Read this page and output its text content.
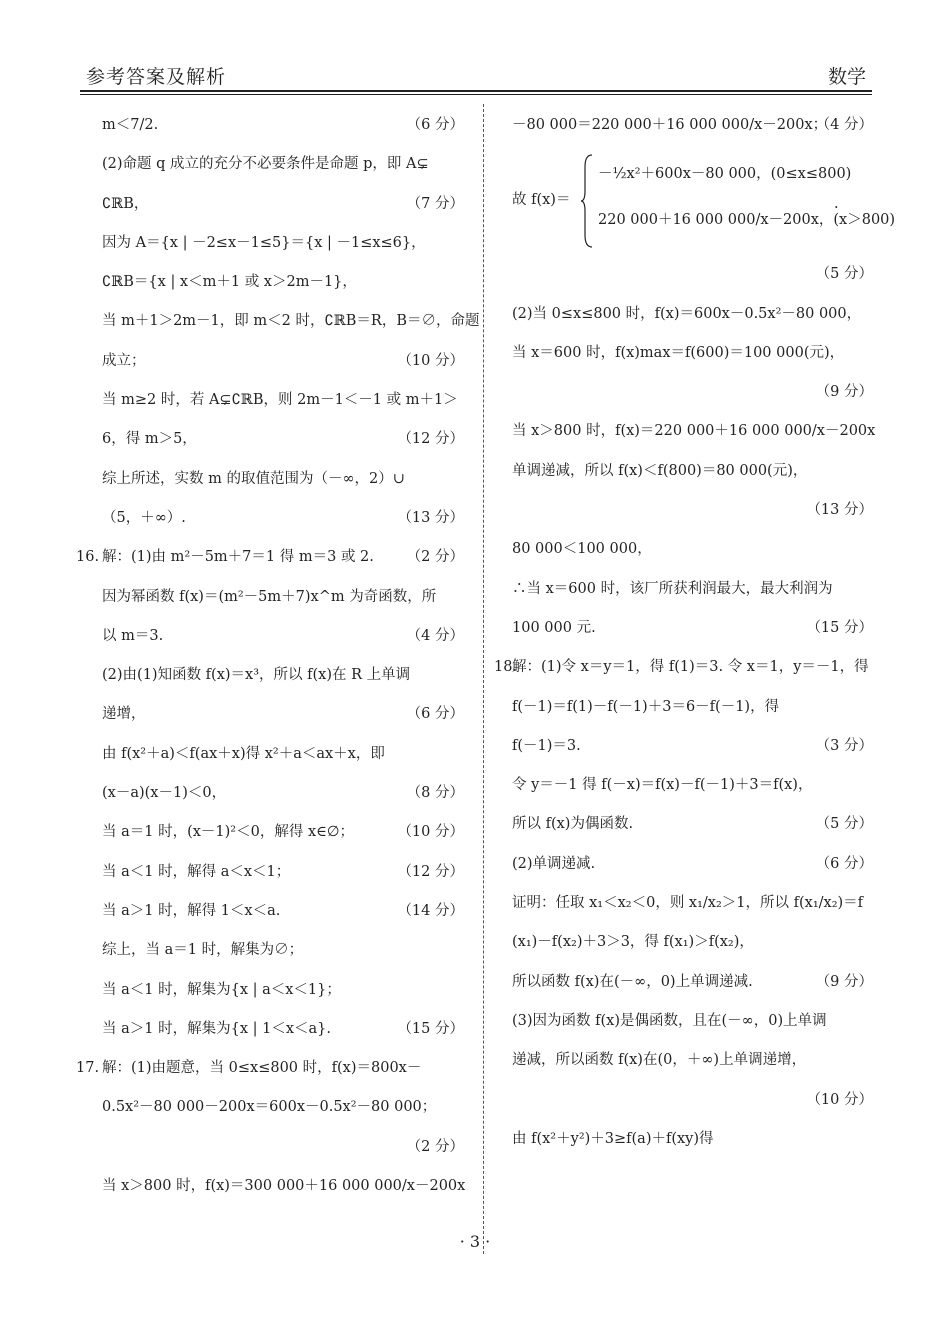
参考答案及解析	数学
m＜7/2.	（6 分）
(2)命题 q 成立的充分不必要条件是命题 p，即 A⊊
∁ℝB，	（7 分）
因为 A＝{x | －2≤x－1≤5}＝{x | －1≤x≤6}，
∁ℝB＝{x | x＜m＋1 或 x＞2m－1}，
当 m＋1＞2m－1，即 m＜2 时，∁ℝB＝R，B＝∅，命题
成立；	（10 分）
当 m≥2 时，若 A⊊∁ℝB，则 2m－1＜－1 或 m＋1＞
6，得 m＞5，	（12 分）
综上所述，实数 m 的取值范围为（－∞，2）∪
（5，＋∞）.	（13 分）
16. 解：(1)由 m²－5m＋7＝1 得 m＝3 或 2. （2 分）
因为幂函数 f(x)＝(m²－5m＋7)x^m 为奇函数，所
以 m＝3.	（4 分）
(2)由(1)知函数 f(x)＝x³，所以 f(x)在 R 上单调
递增，	（6 分）
由 f(x²＋a)＜f(ax＋x)得 x²＋a＜ax＋x，即
(x－a)(x－1)＜0，	（8 分）
当 a＝1 时，(x－1)²＜0，解得 x∈∅；	（10 分）
当 a＜1 时，解得 a＜x＜1；	（12 分）
当 a＞1 时，解得 1＜x＜a.	（14 分）
综上，当 a＝1 时，解集为∅；
当 a＜1 时，解集为{x | a＜x＜1}；
当 a＞1 时，解集为{x | 1＜x＜a}.	（15 分）
17. 解：(1)由题意，当 0≤x≤800 时，f(x)＝800x－
0.5x²－80 000－200x＝600x－0.5x²－80 000；
（2 分）
当 x＞800 时，f(x)＝300 000＋16 000 000/x－200x
－80 000＝220 000＋16 000 000/x－200x；
（4 分）
故 f(x)＝
－½x²＋600x－80 000，(0≤x≤800)
220 000＋16 000 000/x－200x，(x＞800)
.
（5 分）
(2)当 0≤x≤800 时，f(x)＝600x－0.5x²－80 000，
当 x＝600 时，f(x)max＝f(600)＝100 000(元)，
（9 分）
当 x＞800 时，f(x)＝220 000＋16 000 000/x－200x
单调递减，所以 f(x)＜f(800)＝80 000(元)，
（13 分）
80 000＜100 000，
∴当 x＝600 时，该厂所获利润最大，最大利润为
100 000 元.	（15 分）
18.
解：(1)令 x＝y＝1，得 f(1)＝3. 令 x＝1，y＝－1，得
f(－1)＝f(1)－f(－1)＋3＝6－f(－1)，得
f(－1)＝3.	（3 分）
令 y＝－1 得 f(－x)＝f(x)－f(－1)＋3＝f(x)，
所以 f(x)为偶函数.	（5 分）
(2)单调递减.	（6 分）
证明：任取 x₁＜x₂＜0，则 x₁/x₂＞1，所以 f(x₁/x₂)＝f
(x₁)－f(x₂)＋3＞3，得 f(x₁)＞f(x₂)，
所以函数 f(x)在(－∞，0)上单调递减.	（9 分）
(3)因为函数 f(x)是偶函数，且在(－∞，0)上单调
递减，所以函数 f(x)在(0，＋∞)上单调递增，
（10 分）
由 f(x²＋y²)＋3≥f(a)＋f(xy)得
· 3 ·
